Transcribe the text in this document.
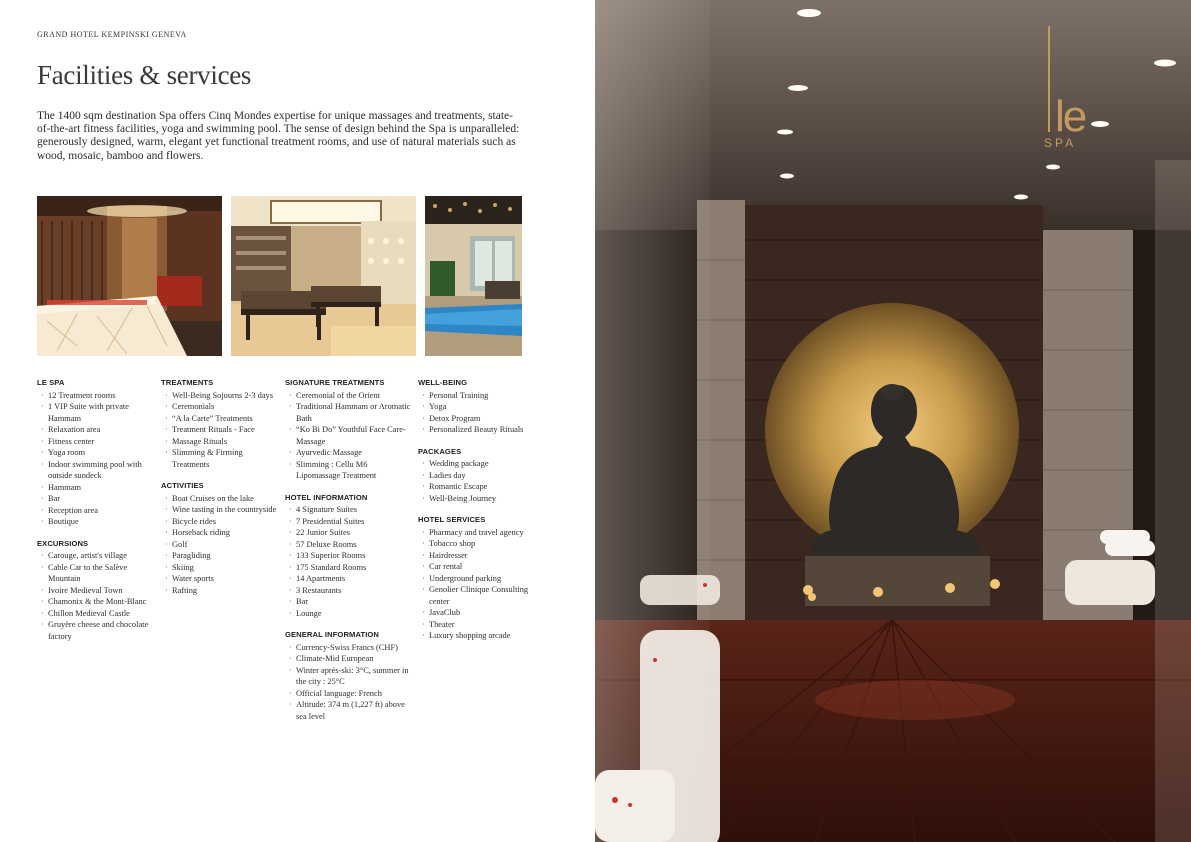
GRAND HOTEL KEMPINSKI GENEVA
Facilities & services

The 1400 sqm destination Spa offers Cinq Mondes expertise for unique massages and treatments, state-of-the-art fitness facilities, yoga and swimming pool. The sense of design behind the Spa is unparalleled: generously designed, warm, elegant yet functional treatment rooms, and use of natural materials such as wood, mosaic, bamboo and flowers.

LE SPA
· 12 Treatment rooms
· 1 VIP Suite with private Hammam
· Relaxation area
· Fitness center
· Yoga room
· Indoor swimming pool with outside sundeck
· Hammam
· Bar
· Reception area
· Boutique
EXCURSIONS
· Carouge, artist's village
· Cable Car to the Salève Mountain
· Ivoire Medieval Town
· Chamonix & the Mont-Blanc
· Chillon Medieval Castle
· Gruyère cheese and chocolate factory
TREATMENTS
· Well-Being Sojourns 2-3 days
· Ceremonials
· “A la Carte” Treatments
· Treatment Rituals - Face
· Massage Rituals
· Slimming & Firming Treatments
ACTIVITIES
· Boat Cruises on the lake
· Wine tasting in the countryside
· Bicycle rides
· Horseback riding
· Golf
· Paragliding
· Skiing
· Water sports
· Rafting
SIGNATURE TREATMENTS
· Ceremonial of the Orient
· Traditional Hammam or Aromatic Bath
· “Ko Bi Do” Youthful Face Care-Massage
· Ayurvedic Massage
· Slimming : Cellu M6 Lipomassage Treatment
HOTEL INFORMATION
· 4 Signature Suites
· 7 Presidential Suites
· 22 Junior Suites
· 57 Deluxe Rooms
· 133 Superior Rooms
· 175 Standard Rooms
· 14 Apartments
· 3 Restaurants
· Bar
· Lounge
GENERAL INFORMATION
· Currency-Swiss Francs (CHF)
· Climate-Mid European
· Winter après-ski: 3°C, summer in the city : 25°C
· Official language: French
· Altitude: 374 m (1,227 ft) above sea level
WELL-BEING
· Personal Training
· Yoga
· Detox Program
· Personalized Beauty Rituals
PACKAGES
· Wedding package
· Ladies day
· Romantic Escape
· Well-Being Journey
HOTEL SERVICES
· Pharmacy and travel agency
· Tobacco shop
· Hairdresser
· Car rental
· Underground parking
· Genolier Clinique Consulting center
· JavaClub
· Theater
· Luxury shopping arcade
le
SPA
